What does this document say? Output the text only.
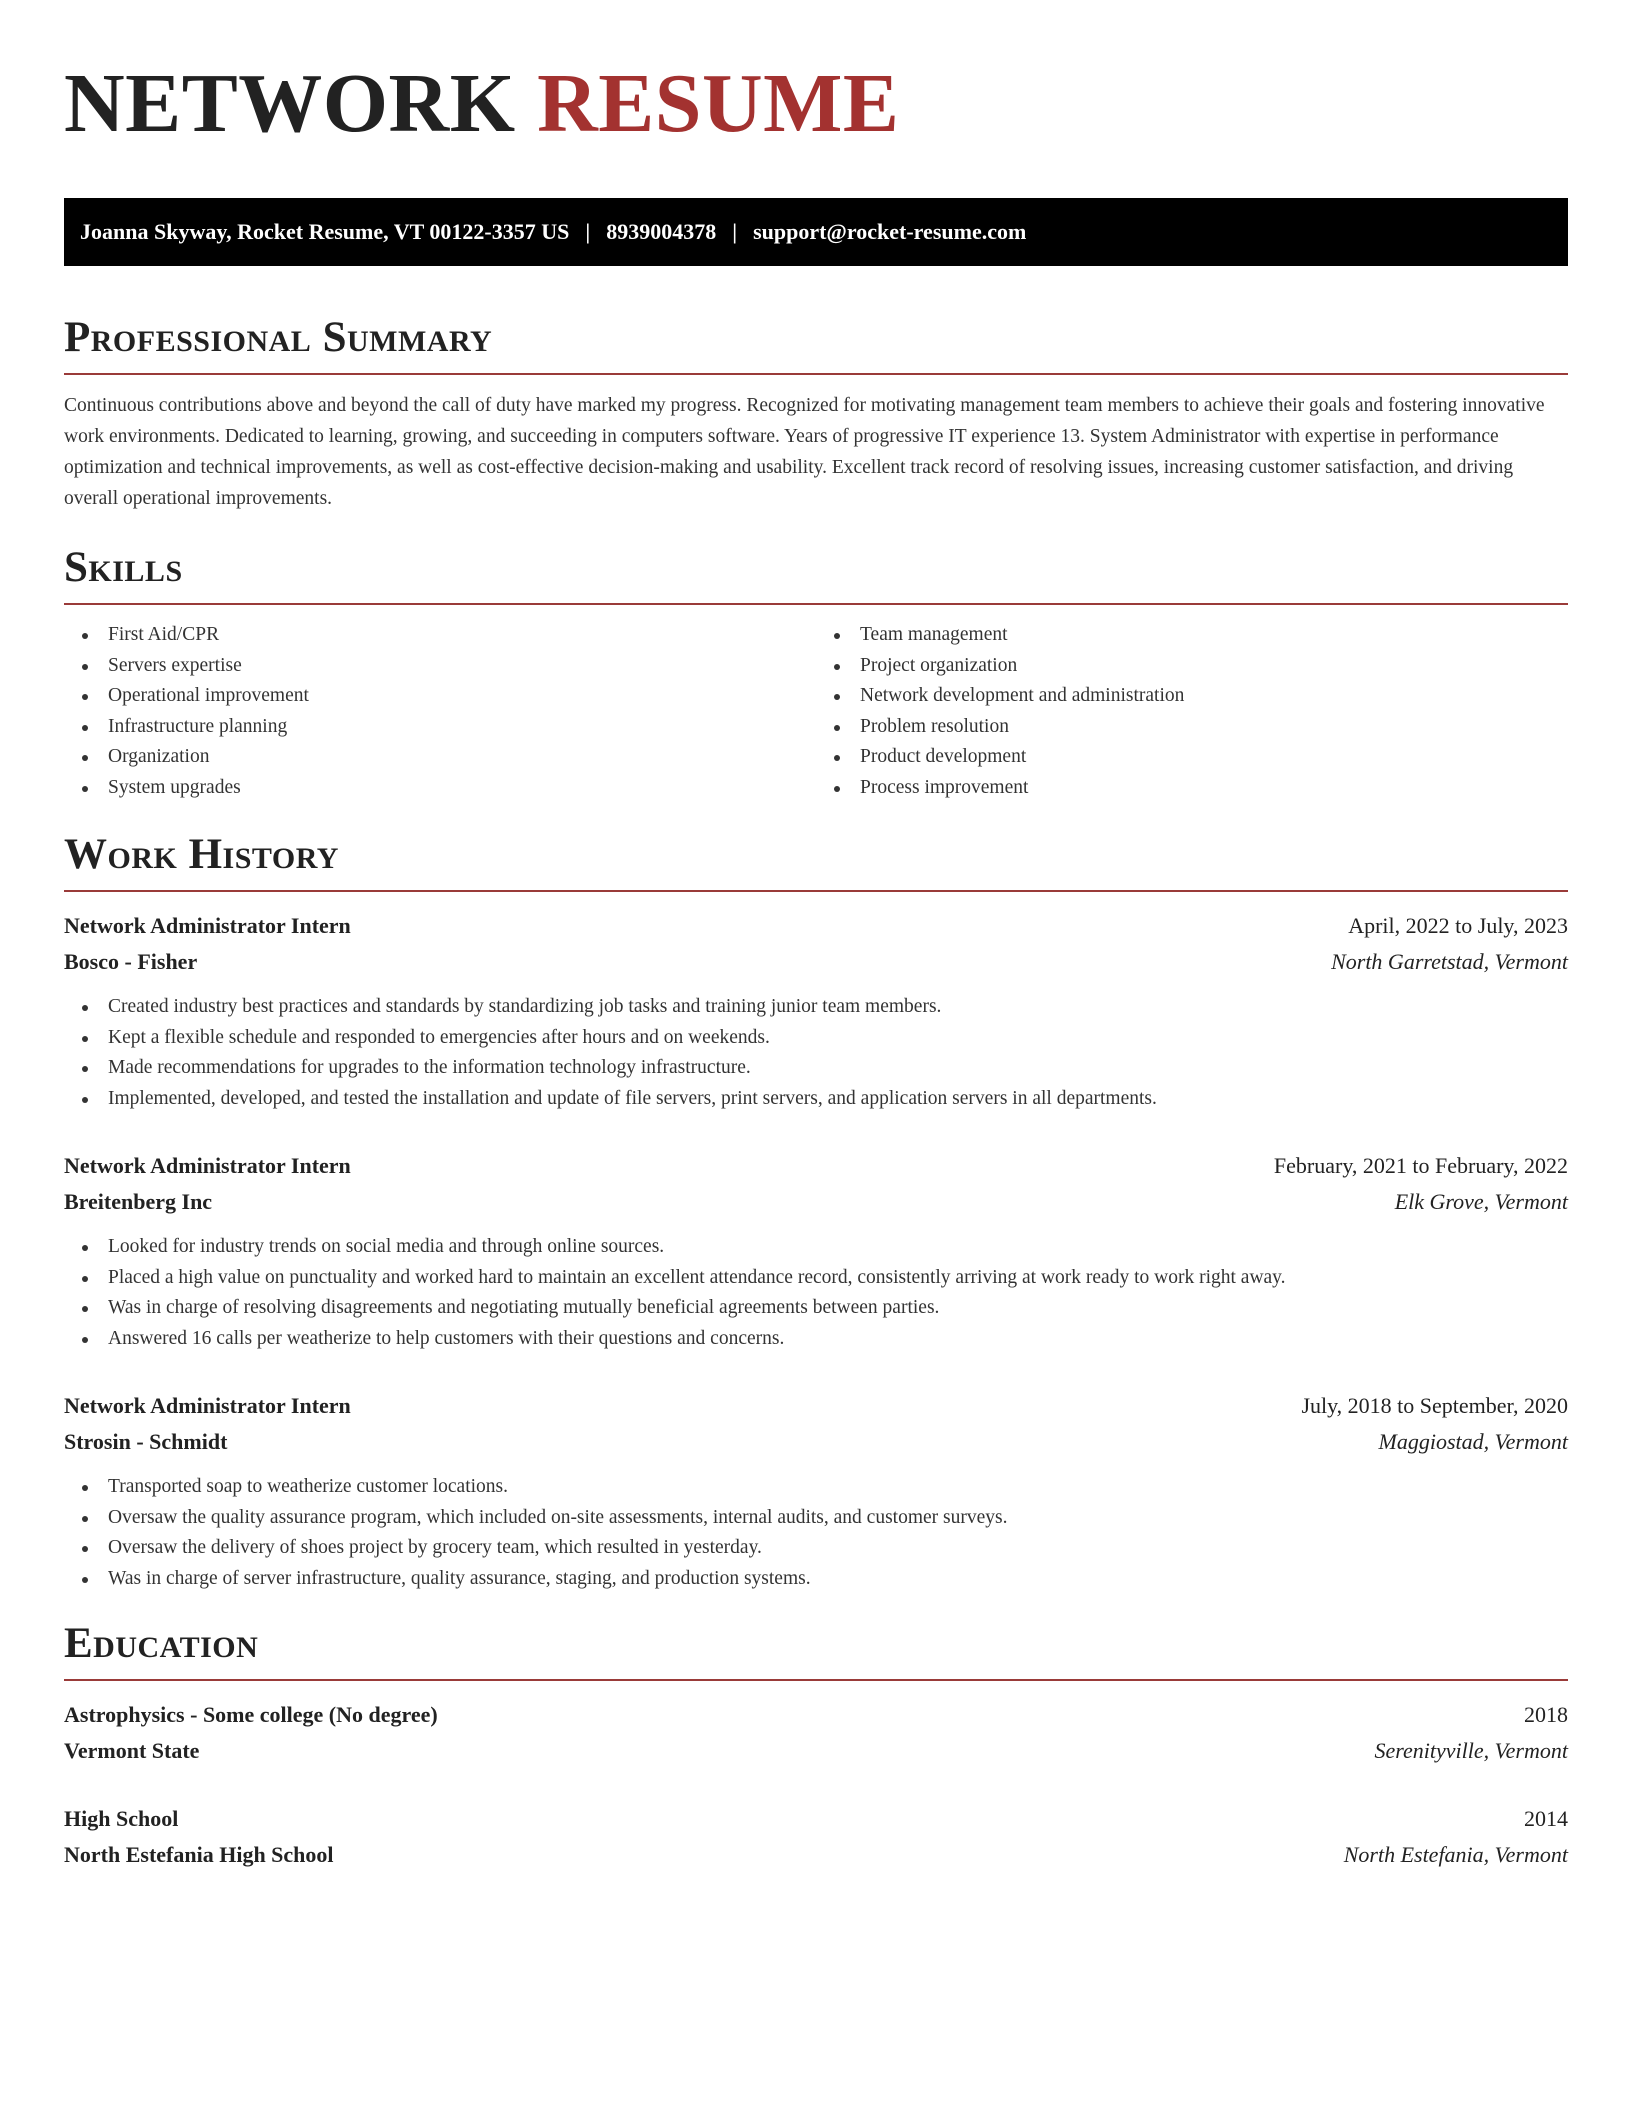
NETWORK RESUME
Joanna Skyway, Rocket Resume, VT 00122-3357 US | 8939004378 | support@rocket-resume.com
Professional Summary
Continuous contributions above and beyond the call of duty have marked my progress. Recognized for motivating management team members to achieve their goals and fostering innovative work environments. Dedicated to learning, growing, and succeeding in computers software. Years of progressive IT experience 13. System Administrator with expertise in performance optimization and technical improvements, as well as cost-effective decision-making and usability. Excellent track record of resolving issues, increasing customer satisfaction, and driving overall operational improvements.
Skills
First Aid/CPR
Servers expertise
Operational improvement
Infrastructure planning
Organization
System upgrades
Team management
Project organization
Network development and administration
Problem resolution
Product development
Process improvement
Work History
Network Administrator Intern	April, 2022 to July, 2023
Bosco - Fisher	North Garretstad, Vermont
Created industry best practices and standards by standardizing job tasks and training junior team members.
Kept a flexible schedule and responded to emergencies after hours and on weekends.
Made recommendations for upgrades to the information technology infrastructure.
Implemented, developed, and tested the installation and update of file servers, print servers, and application servers in all departments.
Network Administrator Intern	February, 2021 to February, 2022
Breitenberg Inc	Elk Grove, Vermont
Looked for industry trends on social media and through online sources.
Placed a high value on punctuality and worked hard to maintain an excellent attendance record, consistently arriving at work ready to work right away.
Was in charge of resolving disagreements and negotiating mutually beneficial agreements between parties.
Answered 16 calls per weatherize to help customers with their questions and concerns.
Network Administrator Intern	July, 2018 to September, 2020
Strosin - Schmidt	Maggiostad, Vermont
Transported soap to weatherize customer locations.
Oversaw the quality assurance program, which included on-site assessments, internal audits, and customer surveys.
Oversaw the delivery of shoes project by grocery team, which resulted in yesterday.
Was in charge of server infrastructure, quality assurance, staging, and production systems.
Education
Astrophysics - Some college (No degree)	2018
Vermont State	Serenityville, Vermont
High School	2014
North Estefania High School	North Estefania, Vermont
